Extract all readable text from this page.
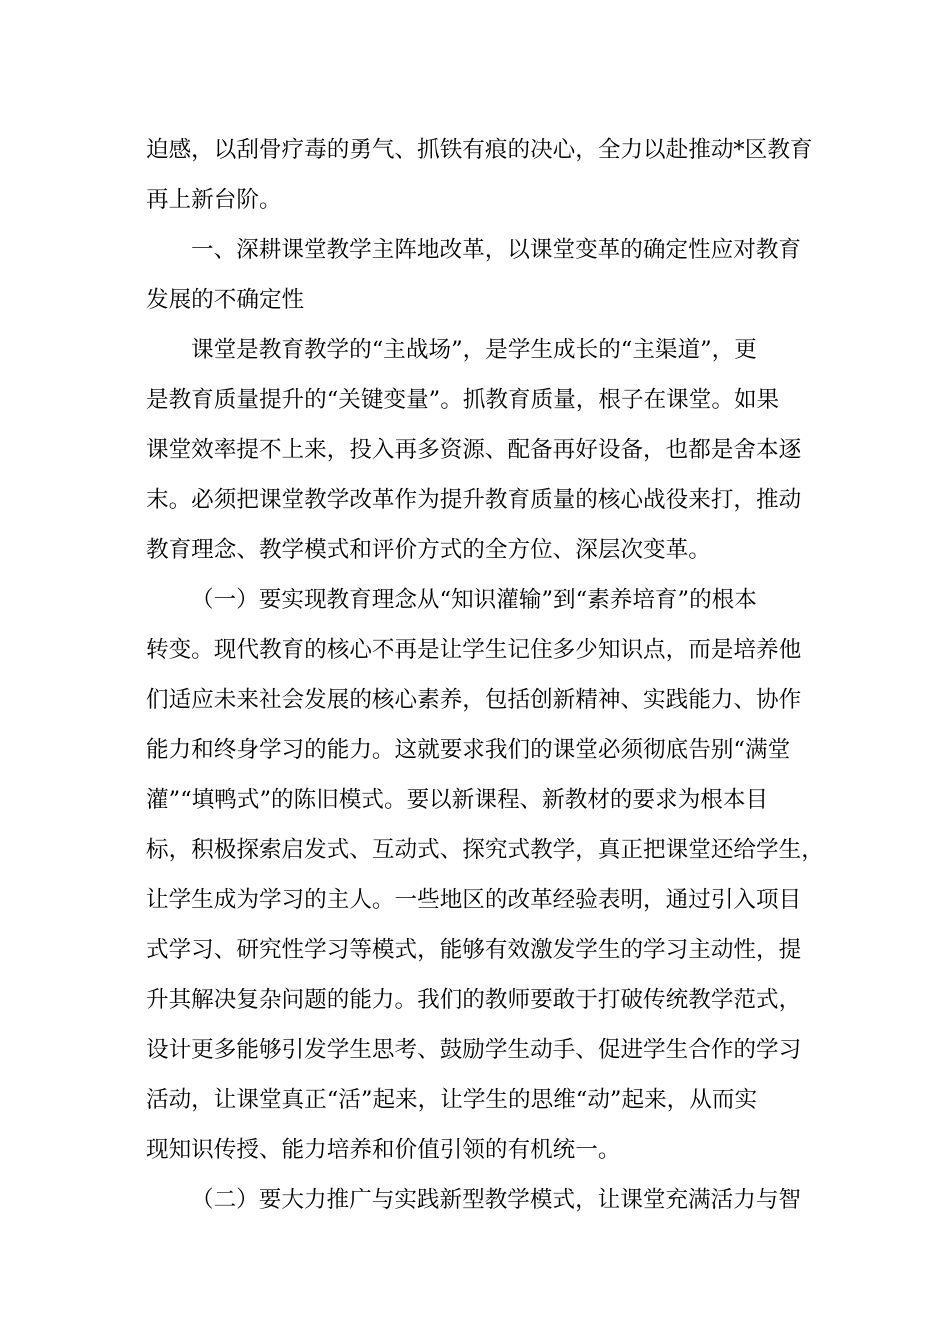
迫感，以刮骨疗毒的勇气、抓铁有痕的决心，全力以赴推动*区教育
再上新台阶。
一、深耕课堂教学主阵地改革，以课堂变革的确定性应对教育
发展的不确定性
课堂是教育教学的“主战场”，是学生成长的“主渠道”，更
是教育质量提升的“关键变量”。抓教育质量，根子在课堂。如果
课堂效率提不上来，投入再多资源、配备再好设备，也都是舍本逐
末。必须把课堂教学改革作为提升教育质量的核心战役来打，推动
教育理念、教学模式和评价方式的全方位、深层次变革。
（一）要实现教育理念从“知识灌输”到“素养培育”的根本
转变。现代教育的核心不再是让学生记住多少知识点，而是培养他
们适应未来社会发展的核心素养，包括创新精神、实践能力、协作
能力和终身学习的能力。这就要求我们的课堂必须彻底告别“满堂
灌”“填鸭式”的陈旧模式。要以新课程、新教材的要求为根本目
标，积极探索启发式、互动式、探究式教学，真正把课堂还给学生，
让学生成为学习的主人。一些地区的改革经验表明，通过引入项目
式学习、研究性学习等模式，能够有效激发学生的学习主动性，提
升其解决复杂问题的能力。我们的教师要敢于打破传统教学范式，
设计更多能够引发学生思考、鼓励学生动手、促进学生合作的学习
活动，让课堂真正“活”起来，让学生的思维“动”起来，从而实
现知识传授、能力培养和价值引领的有机统一。
（二）要大力推广与实践新型教学模式，让课堂充满活力与智
